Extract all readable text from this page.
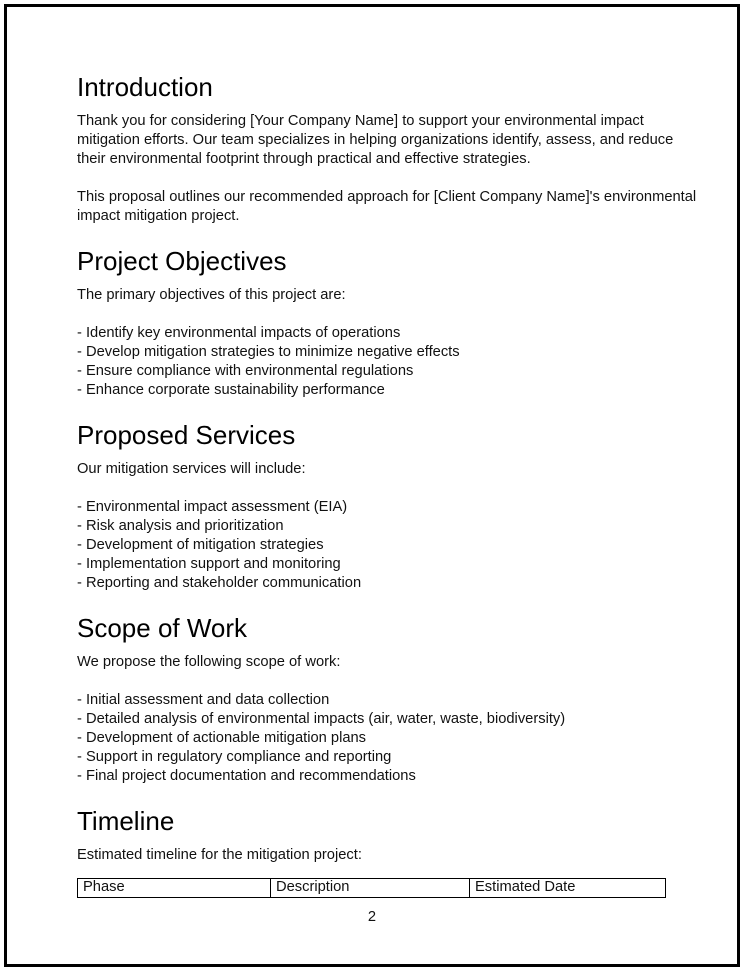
Introduction
Thank you for considering [Your Company Name] to support your environmental impact
mitigation efforts. Our team specializes in helping organizations identify, assess, and reduce
their environmental footprint through practical and effective strategies.
This proposal outlines our recommended approach for [Client Company Name]'s environmental
impact mitigation project.
Project Objectives
The primary objectives of this project are:
- Identify key environmental impacts of operations
- Develop mitigation strategies to minimize negative effects
- Ensure compliance with environmental regulations
- Enhance corporate sustainability performance
Proposed Services
Our mitigation services will include:
- Environmental impact assessment (EIA)
- Risk analysis and prioritization
- Development of mitigation strategies
- Implementation support and monitoring
- Reporting and stakeholder communication
Scope of Work
We propose the following scope of work:
- Initial assessment and data collection
- Detailed analysis of environmental impacts (air, water, waste, biodiversity)
- Development of actionable mitigation plans
- Support in regulatory compliance and reporting
- Final project documentation and recommendations
Timeline
Estimated timeline for the mitigation project:
Phase	Description	Estimated Date
2
